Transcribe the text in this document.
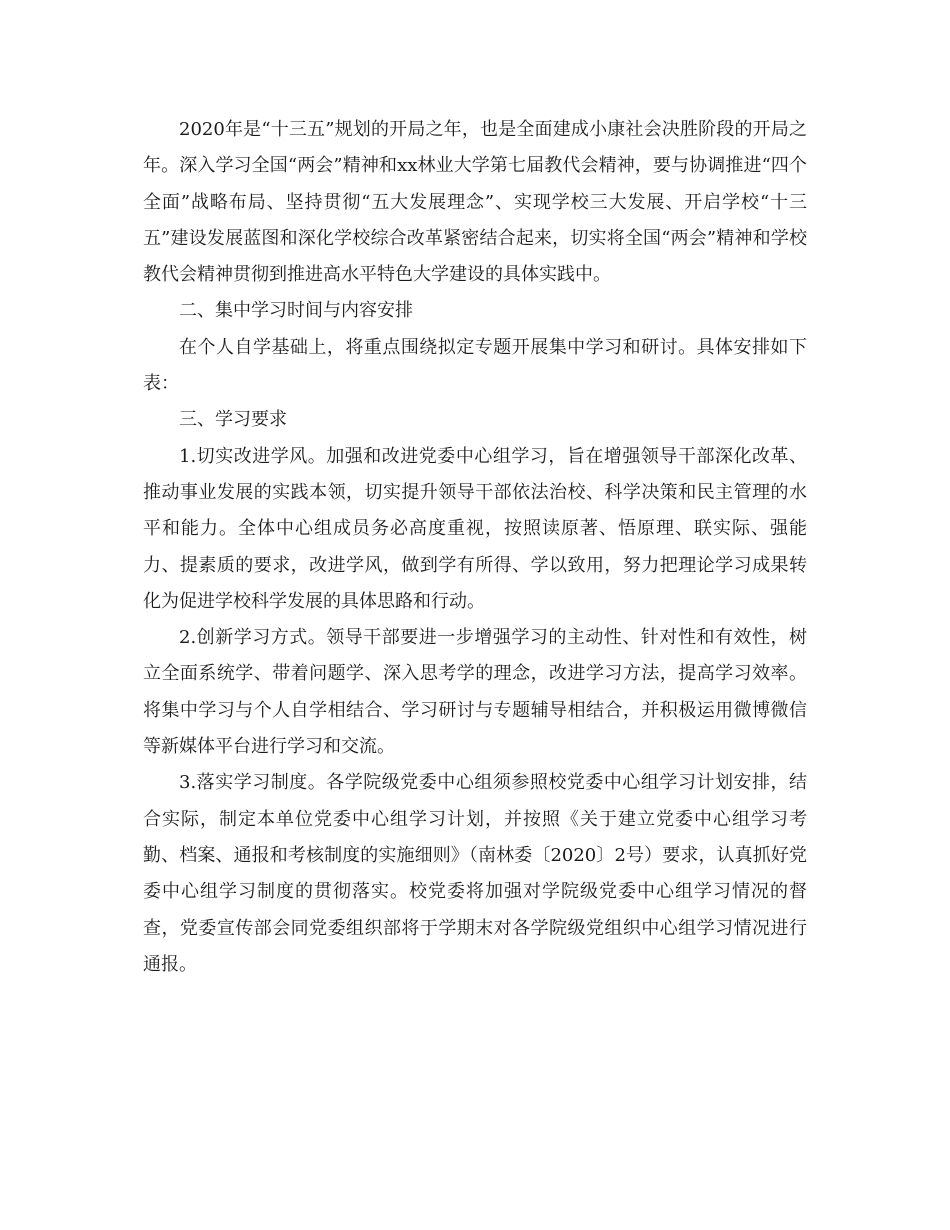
2020年是“十三五”规划的开局之年，也是全面建成小康社会决胜阶段的开局之年。深入学习全国“两会”精神和xx林业大学第七届教代会精神，要与协调推进“四个全面”战略布局、坚持贯彻“五大发展理念”、实现学校三大发展、开启学校“十三五”建设发展蓝图和深化学校综合改革紧密结合起来，切实将全国“两会”精神和学校教代会精神贯彻到推进高水平特色大学建设的具体实践中。

二、集中学习时间与内容安排

在个人自学基础上，将重点围绕拟定专题开展集中学习和研讨。具体安排如下表：

三、学习要求

1.切实改进学风。加强和改进党委中心组学习，旨在增强领导干部深化改革、推动事业发展的实践本领，切实提升领导干部依法治校、科学决策和民主管理的水平和能力。全体中心组成员务必高度重视，按照读原著、悟原理、联实际、强能力、提素质的要求，改进学风，做到学有所得、学以致用，努力把理论学习成果转化为促进学校科学发展的具体思路和行动。

2.创新学习方式。领导干部要进一步增强学习的主动性、针对性和有效性，树立全面系统学、带着问题学、深入思考学的理念，改进学习方法，提高学习效率。将集中学习与个人自学相结合、学习研讨与专题辅导相结合，并积极运用微博微信等新媒体平台进行学习和交流。

3.落实学习制度。各学院级党委中心组须参照校党委中心组学习计划安排，结合实际，制定本单位党委中心组学习计划，并按照《关于建立党委中心组学习考勤、档案、通报和考核制度的实施细则》（南林委〔2020〕2号）要求，认真抓好党委中心组学习制度的贯彻落实。校党委将加强对学院级党委中心组学习情况的督查，党委宣传部会同党委组织部将于学期末对各学院级党组织中心组学习情况进行通报。
